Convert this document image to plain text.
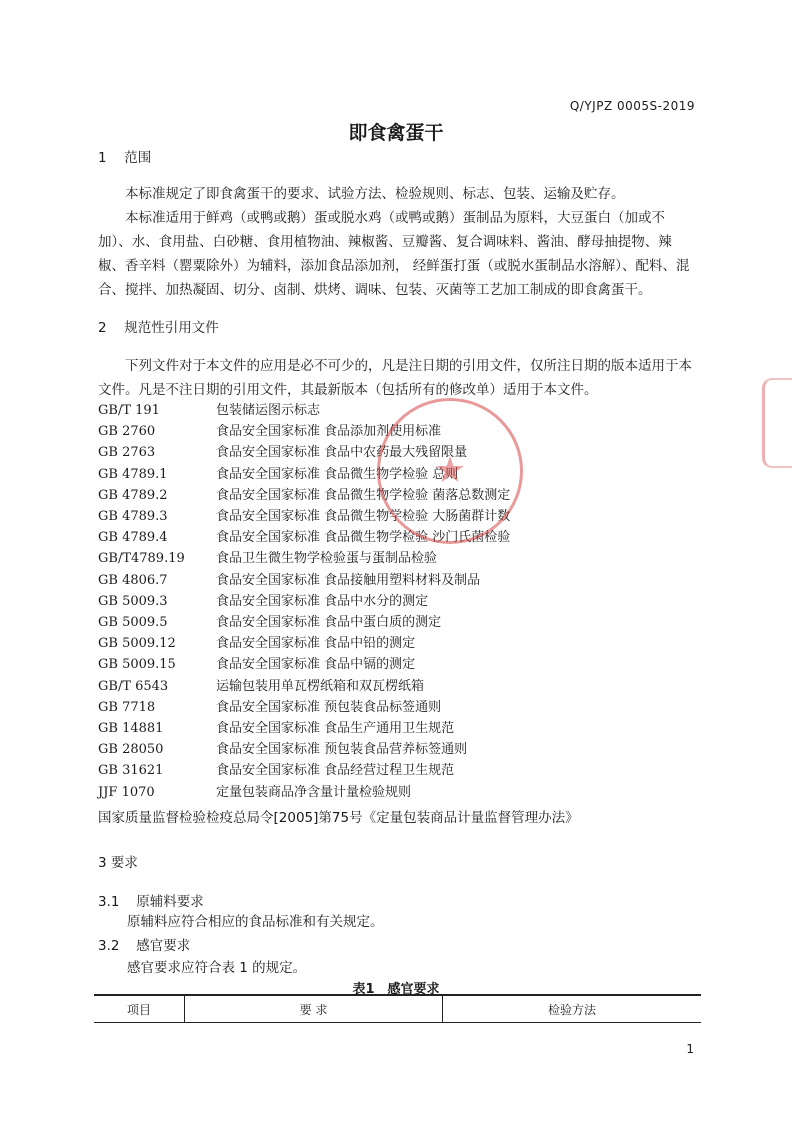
Q/YJPZ 0005S-2019
即食禽蛋干
1 范围
本标准规定了即食禽蛋干的要求、试验方法、检验规则、标志、包装、运输及贮存。
本标准适用于鲜鸡（或鸭或鹅）蛋或脱水鸡（或鸭或鹅）蛋制品为原料，大豆蛋白（加或不加）、水、食用盐、白砂糖、食用植物油、辣椒酱、豆瓣酱、复合调味料、酱油、酵母抽提物、辣椒、香辛料（罂粟除外）为辅料，添加食品添加剂， 经鲜蛋打蛋（或脱水蛋制品水溶解）、配料、混合、搅拌、加热凝固、切分、卤制、烘烤、调味、包装、灭菌等工艺加工制成的即食禽蛋干。
2 规范性引用文件
下列文件对于本文件的应用是必不可少的，凡是注日期的引用文件，仅所注日期的版本适用于本文件。凡是不注日期的引用文件，其最新版本（包括所有的修改单）适用于本文件。
GB/T 191	包装储运图示标志
GB 2760	食品安全国家标准 食品添加剂使用标准
GB 2763	食品安全国家标准 食品中农药最大残留限量
GB 4789.1	食品安全国家标准 食品微生物学检验 总则
GB 4789.2	食品安全国家标准 食品微生物学检验 菌落总数测定
GB 4789.3	食品安全国家标准 食品微生物学检验 大肠菌群计数
GB 4789.4	食品安全国家标准 食品微生物学检验 沙门氏菌检验
GB/T4789.19 食品卫生微生物学检验蛋与蛋制品检验
GB 4806.7	食品安全国家标准 食品接触用塑料材料及制品
GB 5009.3	食品安全国家标准 食品中水分的测定
GB 5009.5	食品安全国家标准 食品中蛋白质的测定
GB 5009.12	食品安全国家标准 食品中铅的测定
GB 5009.15	食品安全国家标准 食品中镉的测定
GB/T 6543	运输包装用单瓦楞纸箱和双瓦楞纸箱
GB 7718	食品安全国家标准 预包装食品标签通则
GB 14881	食品安全国家标准 食品生产通用卫生规范
GB 28050	食品安全国家标准 预包装食品营养标签通则
GB 31621	食品安全国家标准 食品经营过程卫生规范
JJF 1070	定量包装商品净含量计量检验规则
国家质量监督检验检疫总局令[2005]第75号《定量包装商品计量监督管理办法》
3 要求
3.1 原辅料要求
原辅料应符合相应的食品标准和有关规定。
3.2 感官要求
感官要求应符合表 1 的规定。
表1　感官要求
项目	要 求	检验方法
1
★
